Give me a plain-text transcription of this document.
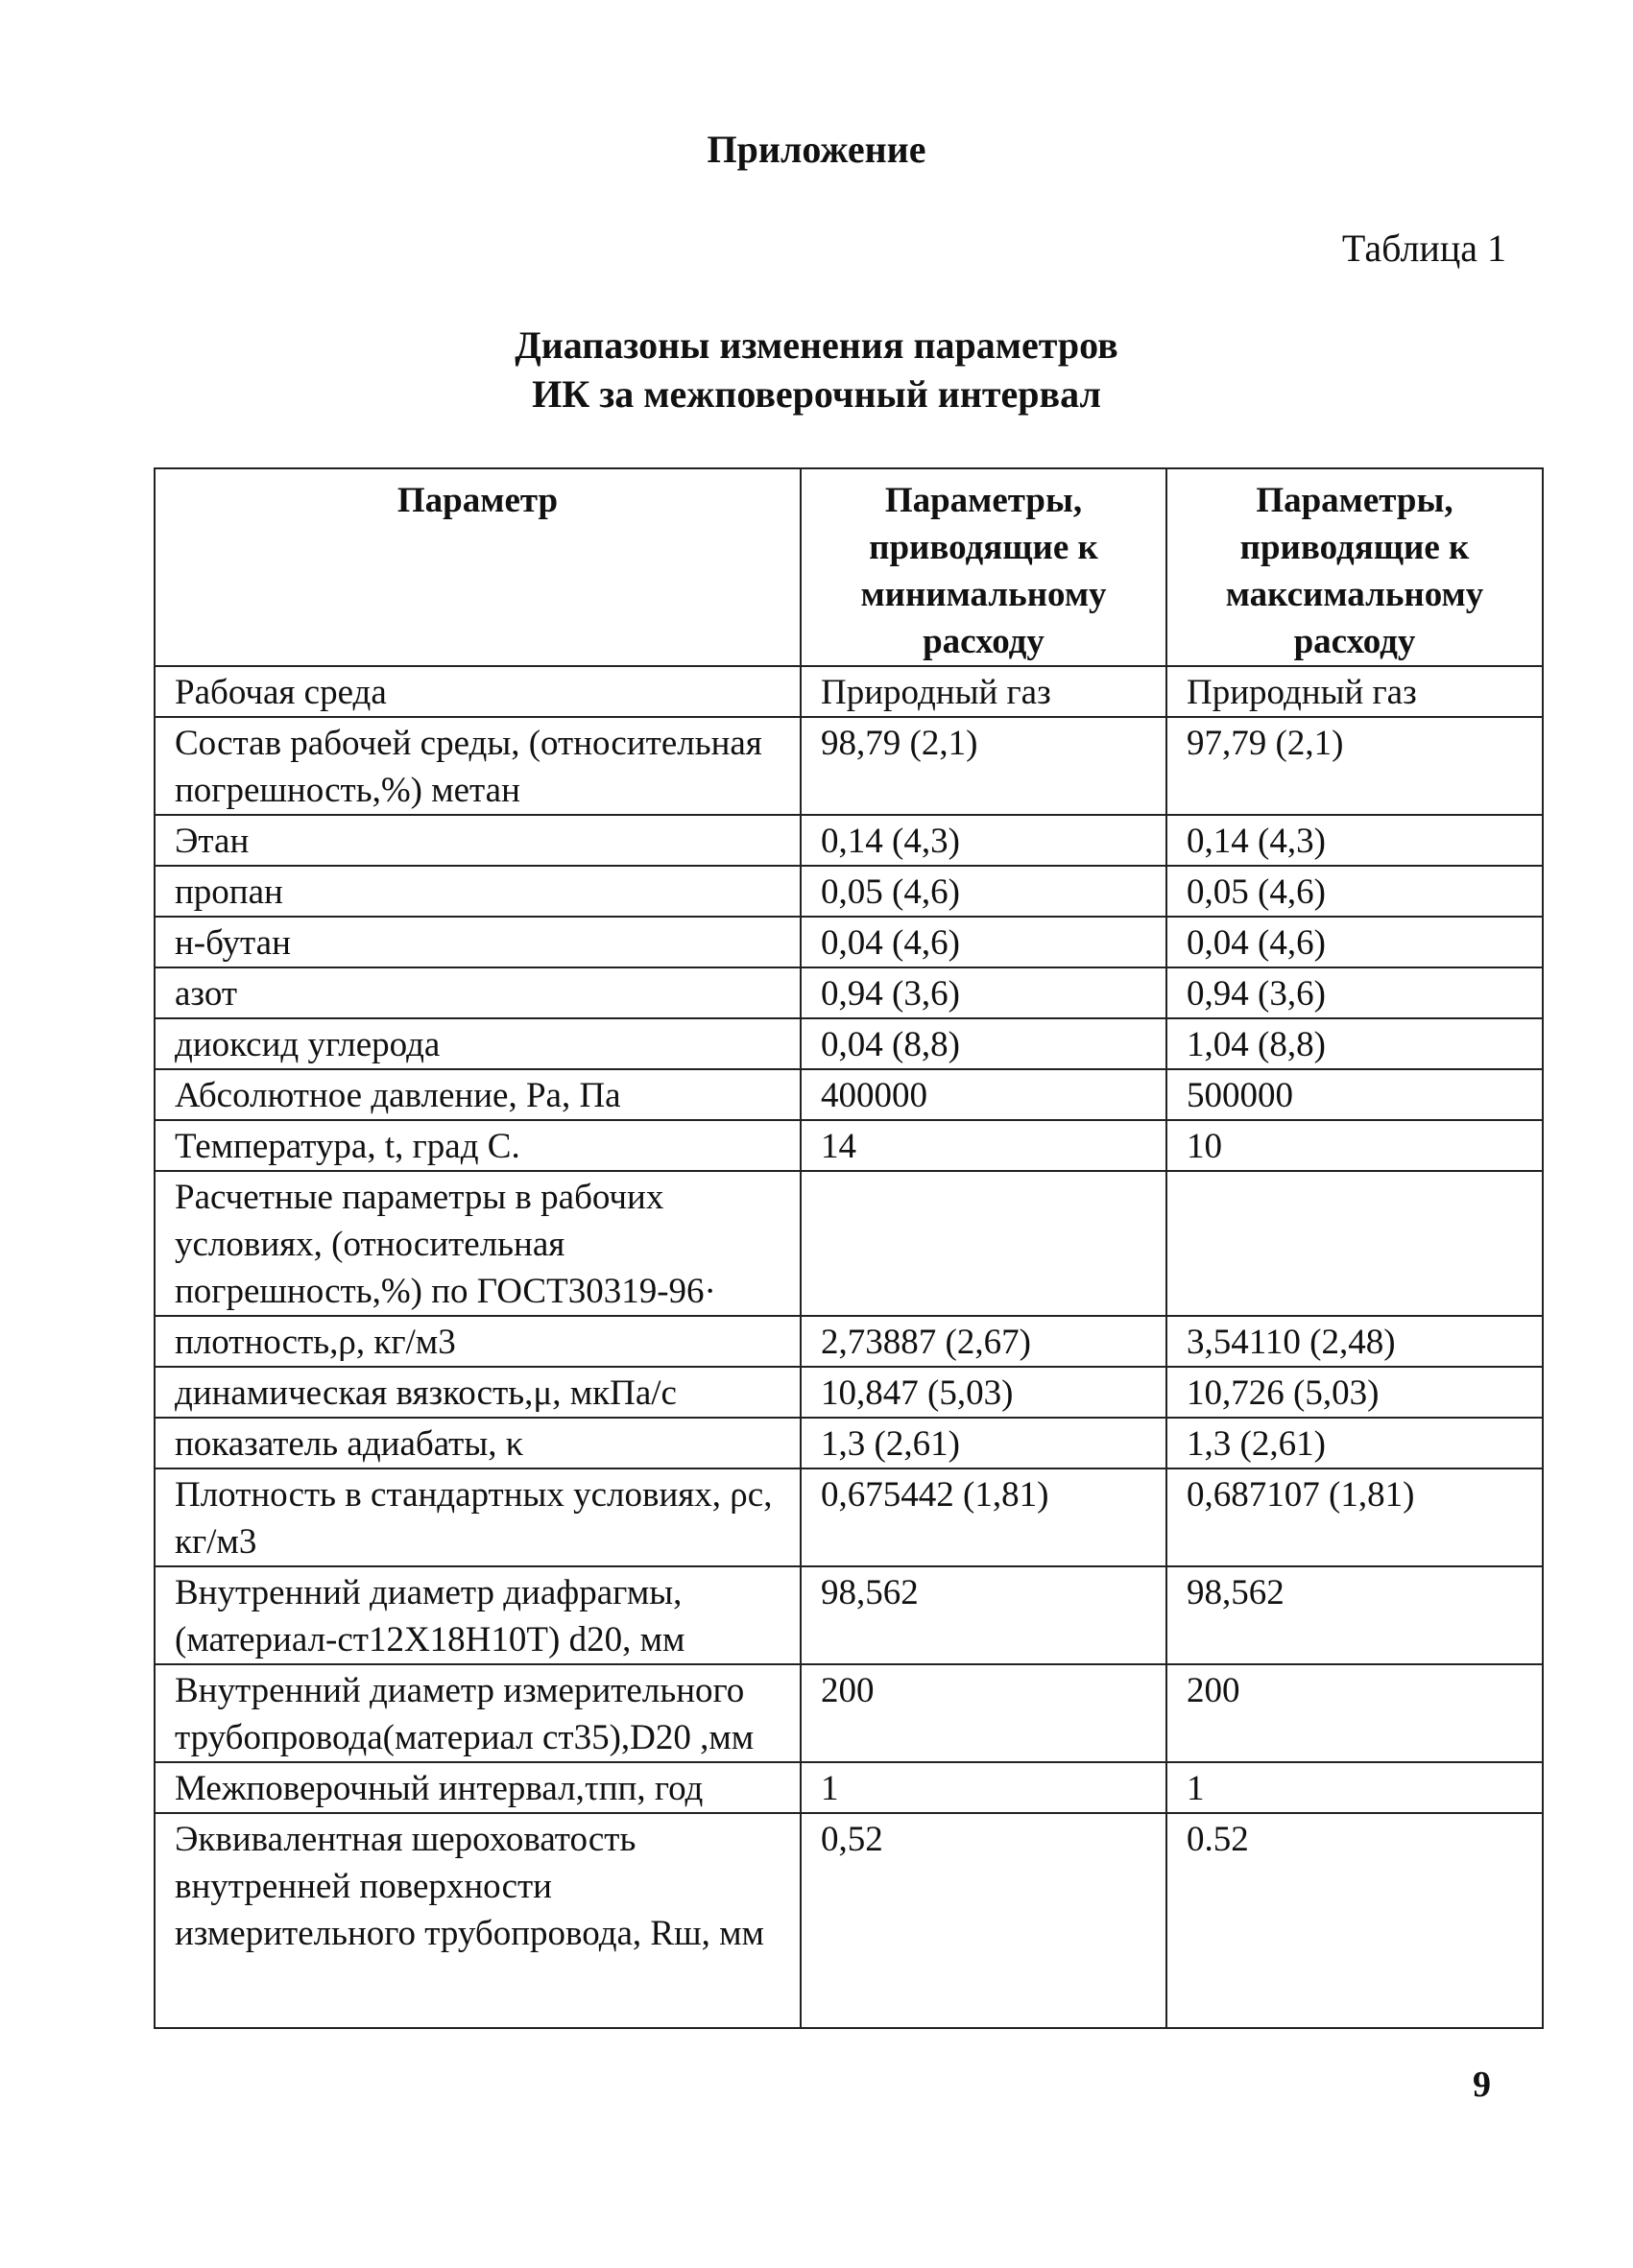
Приложение
Таблица 1
Диапазоны изменения параметров
ИК за межповерочный интервал
Параметр	Параметры, приводящие к минимальному расходу	Параметры, приводящие к максимальному расходу
Рабочая среда	Природный газ	Природный газ
Состав рабочей среды, (относительная погрешность,%) метан	98,79 (2,1)	97,79 (2,1)
Этан	0,14 (4,3)	0,14 (4,3)
пропан	0,05 (4,6)	0,05 (4,6)
н-бутан	0,04 (4,6)	0,04 (4,6)
азот	0,94 (3,6)	0,94 (3,6)
диоксид углерода	0,04 (8,8)	1,04 (8,8)
Абсолютное давление, Pa, Па	400000	500000
Температура, t, град С.	14	10
Расчетные параметры в рабочих условиях, (относительная погрешность,%) по ГОСТ30319-96·		
плотность,ρ, кг/м3	2,73887 (2,67)	3,54110 (2,48)
динамическая вязкость,μ, мкПа/с	10,847 (5,03)	10,726 (5,03)
показатель адиабаты, κ	1,3 (2,61)	1,3 (2,61)
Плотность в стандартных условиях, ρc, кг/м3	0,675442 (1,81)	0,687107 (1,81)
Внутренний диаметр диафрагмы, (материал-ст12Х18Н10Т) d20, мм	98,562	98,562
Внутренний диаметр измерительного трубопровода(материал ст35),D20 ,мм	200	200
Межповерочный интервал,τпп, год	1	1
Эквивалентная шероховатость внутренней поверхности измерительного трубопровода, Rш, мм	0,52	0.52
9
